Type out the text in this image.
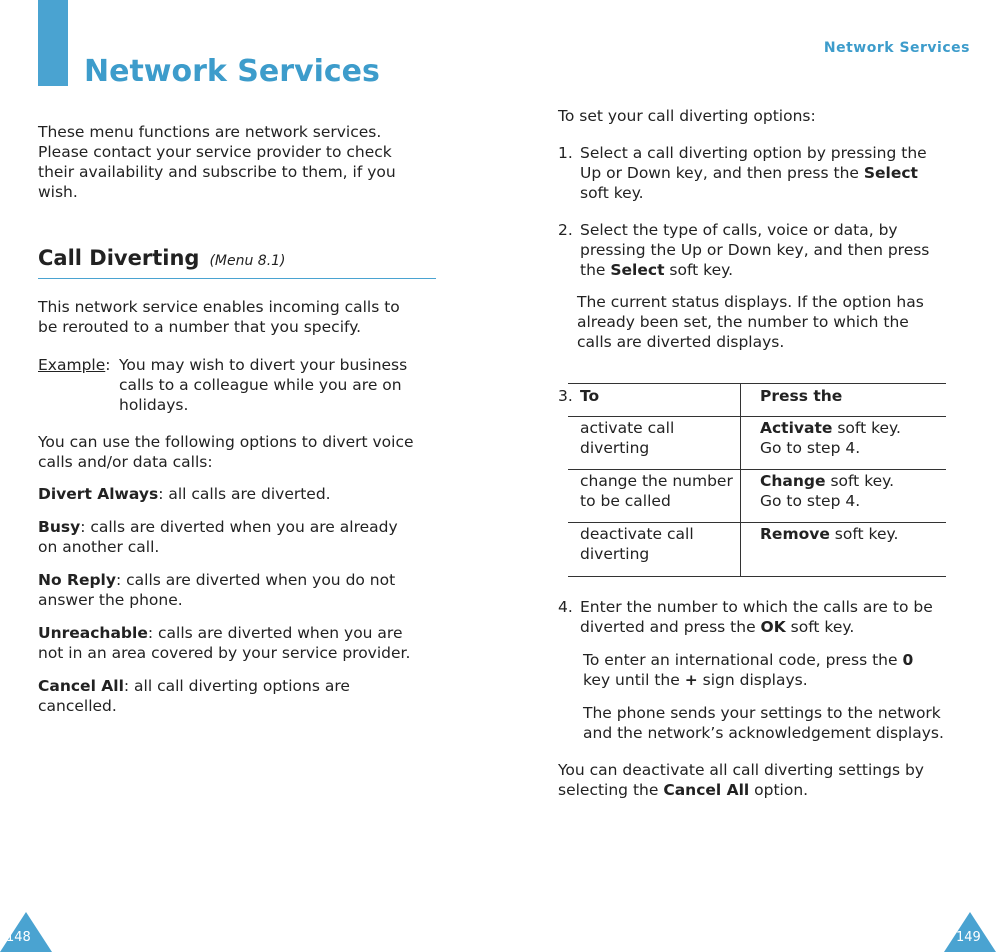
Network Services
These menu functions are network services.
Please contact your service provider to check
their availability and subscribe to them, if you
wish.
Call Diverting (Menu 8.1)
This network service enables incoming calls to
be rerouted to a number that you specify.
Example: You may wish to divert your business
calls to a colleague while you are on
holidays.
You can use the following options to divert voice
calls and/or data calls:
Divert Always: all calls are diverted.
Busy: calls are diverted when you are already
on another call.
No Reply: calls are diverted when you do not
answer the phone.
Unreachable: calls are diverted when you are
not in an area covered by your service provider.
Cancel All: all call diverting options are
cancelled.
148
Network Services
To set your call diverting options:
1. Select a call diverting option by pressing the
Up or Down key, and then press the Select
soft key.
2. Select the type of calls, voice or data, by
pressing the Up or Down key, and then press
the Select soft key.
The current status displays. If the option has
already been set, the number to which the
calls are diverted displays.
3. To	Press the
activate call
diverting
Activate soft key.
Go to step 4.
change the number
to be called
Change soft key.
Go to step 4.
deactivate call
diverting
Remove soft key.
4. Enter the number to which the calls are to be
diverted and press the OK soft key.
To enter an international code, press the 0
key until the + sign displays.
The phone sends your settings to the network
and the network’s acknowledgement displays.
You can deactivate all call diverting settings by
selecting the Cancel All option.
149
